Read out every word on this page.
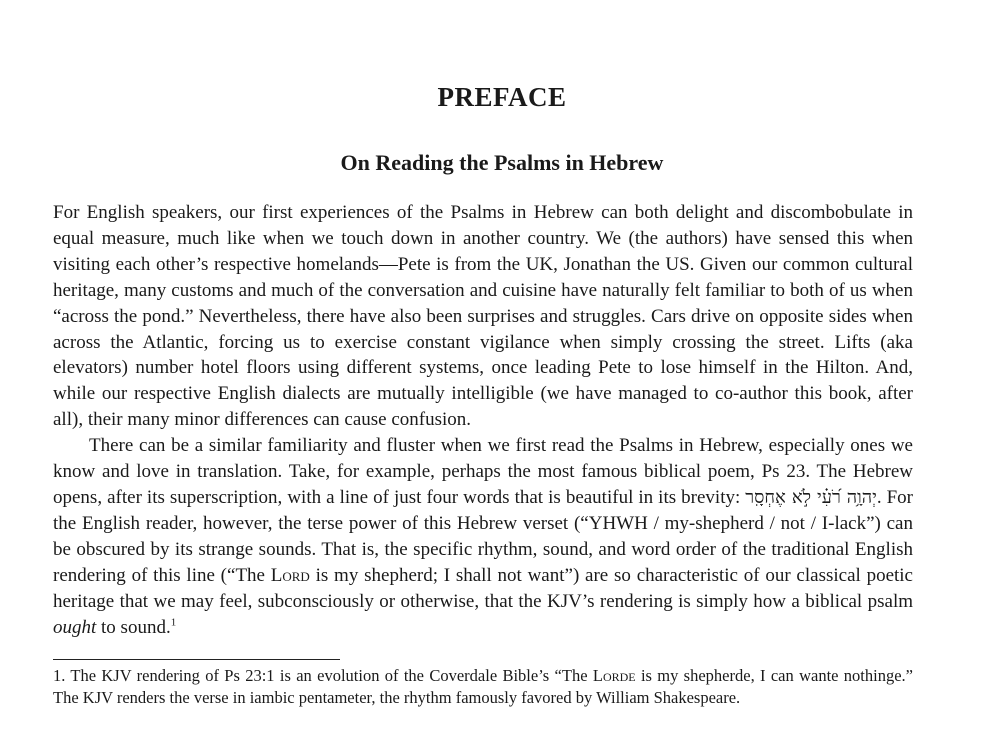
PREFACE
On Reading the Psalms in Hebrew

For English speakers, our first experiences of the Psalms in Hebrew can both delight and discombobulate in equal measure, much like when we touch down in another country. We (the authors) have sensed this when visiting each other’s respective homelands—Pete is from the UK, Jonathan the US. Given our common cultural heritage, many customs and much of the conversation and cuisine have naturally felt familiar to both of us when “across the pond.” Nevertheless, there have also been surprises and struggles. Cars drive on opposite sides when across the Atlantic, forcing us to exercise constant vigilance when simply crossing the street. Lifts (aka elevators) number hotel floors using different systems, once leading Pete to lose himself in the Hilton. And, while our respective English dialects are mutually intelligible (we have managed to co-author this book, after all), their many minor differences can cause confusion.

There can be a similar familiarity and fluster when we first read the Psalms in Hebrew, especially ones we know and love in translation. Take, for example, perhaps the most famous biblical poem, Ps 23. The Hebrew opens, after its superscription, with a line of just four words that is beautiful in its brevity: יְהוָ֥ה רֹ֝עִ֗י לֹ֣א אֶחְסָֽר. For the English reader, however, the terse power of this Hebrew verset (“YHWH / my-shepherd / not / I-lack”) can be obscured by its strange sounds. That is, the specific rhythm, sound, and word order of the traditional English rendering of this line (“The Lord is my shepherd; I shall not want”) are so characteristic of our classical poetic heritage that we may feel, subconsciously or otherwise, that the KJV’s rendering is simply how a biblical psalm ought to sound.$^1$

1. The KJV rendering of Ps 23:1 is an evolution of the Coverdale Bible’s “The Lorde is my shepherde, I can wante nothinge.” The KJV renders the verse in iambic pentameter, the rhythm famously favored by William Shakespeare.
